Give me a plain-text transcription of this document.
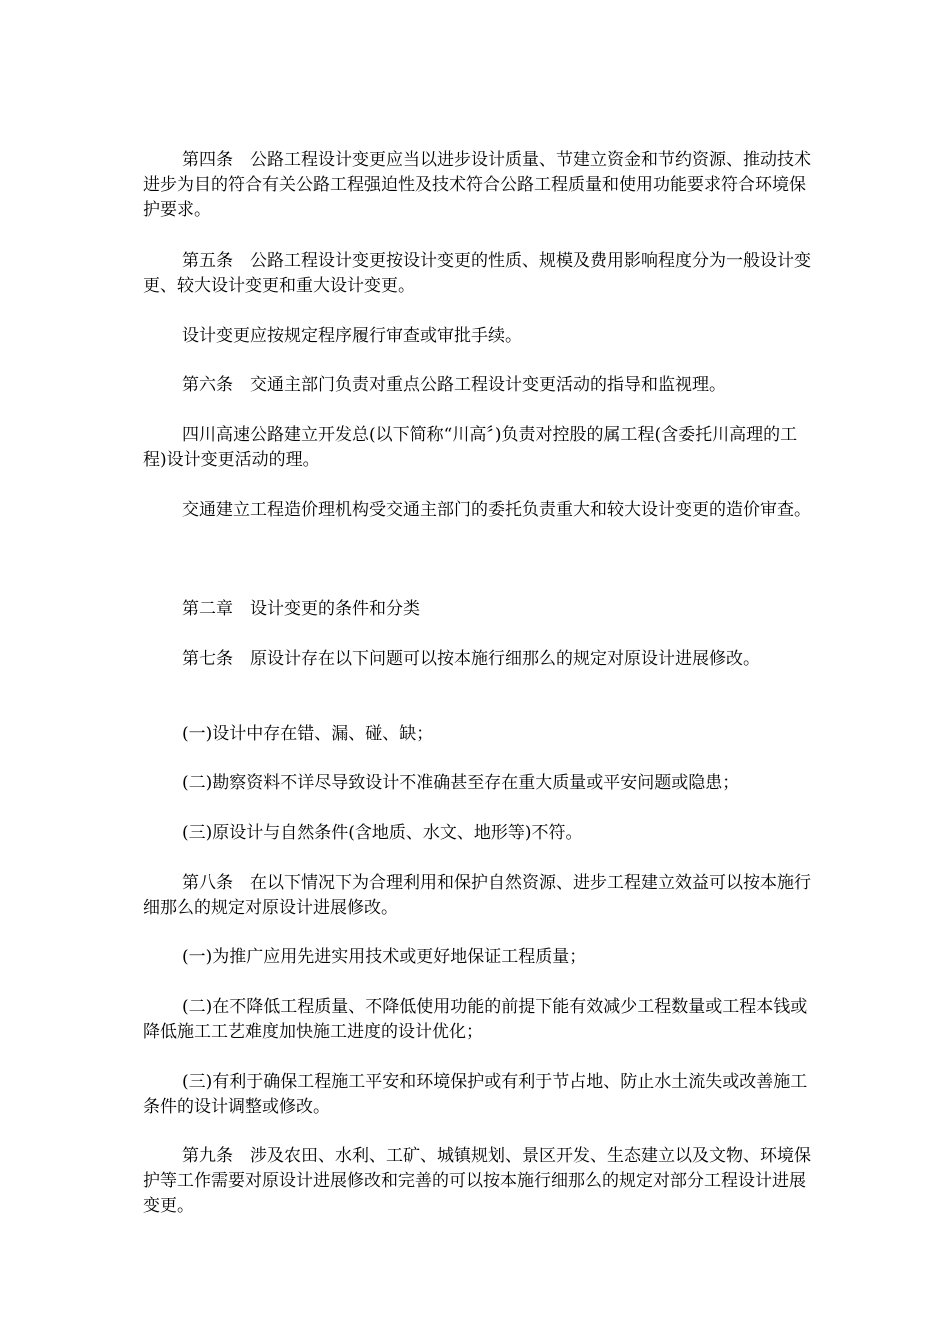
第四条　公路工程设计变更应当以进步设计质量、节建立资金和节约资源、推动技术进步为目的符合有关公路工程强迫性及技术符合公路工程质量和使用功能要求符合环境保护要求。

第五条　公路工程设计变更按设计变更的性质、规模及费用影响程度分为一般设计变更、较大设计变更和重大设计变更。

设计变更应按规定程序履行审查或审批手续。

第六条　交通主部门负责对重点公路工程设计变更活动的指导和监视理。

四川高速公路建立开发总(以下简称“川高〞)负责对控股的属工程(含委托川高理的工程)设计变更活动的理。

交通建立工程造价理机构受交通主部门的委托负责重大和较大设计变更的造价审查。

第二章　设计变更的条件和分类

第七条　原设计存在以下问题可以按本施行细那么的规定对原设计进展修改。

(一)设计中存在错、漏、碰、缺；

(二)勘察资料不详尽导致设计不准确甚至存在重大质量或平安问题或隐患；

(三)原设计与自然条件(含地质、水文、地形等)不符。

第八条　在以下情况下为合理利用和保护自然资源、进步工程建立效益可以按本施行细那么的规定对原设计进展修改。

(一)为推广应用先进实用技术或更好地保证工程质量；

(二)在不降低工程质量、不降低使用功能的前提下能有效减少工程数量或工程本钱或降低施工工艺难度加快施工进度的设计优化；

(三)有利于确保工程施工平安和环境保护或有利于节占地、防止水土流失或改善施工条件的设计调整或修改。

第九条　涉及农田、水利、工矿、城镇规划、景区开发、生态建立以及文物、环境保护等工作需要对原设计进展修改和完善的可以按本施行细那么的规定对部分工程设计进展变更。
